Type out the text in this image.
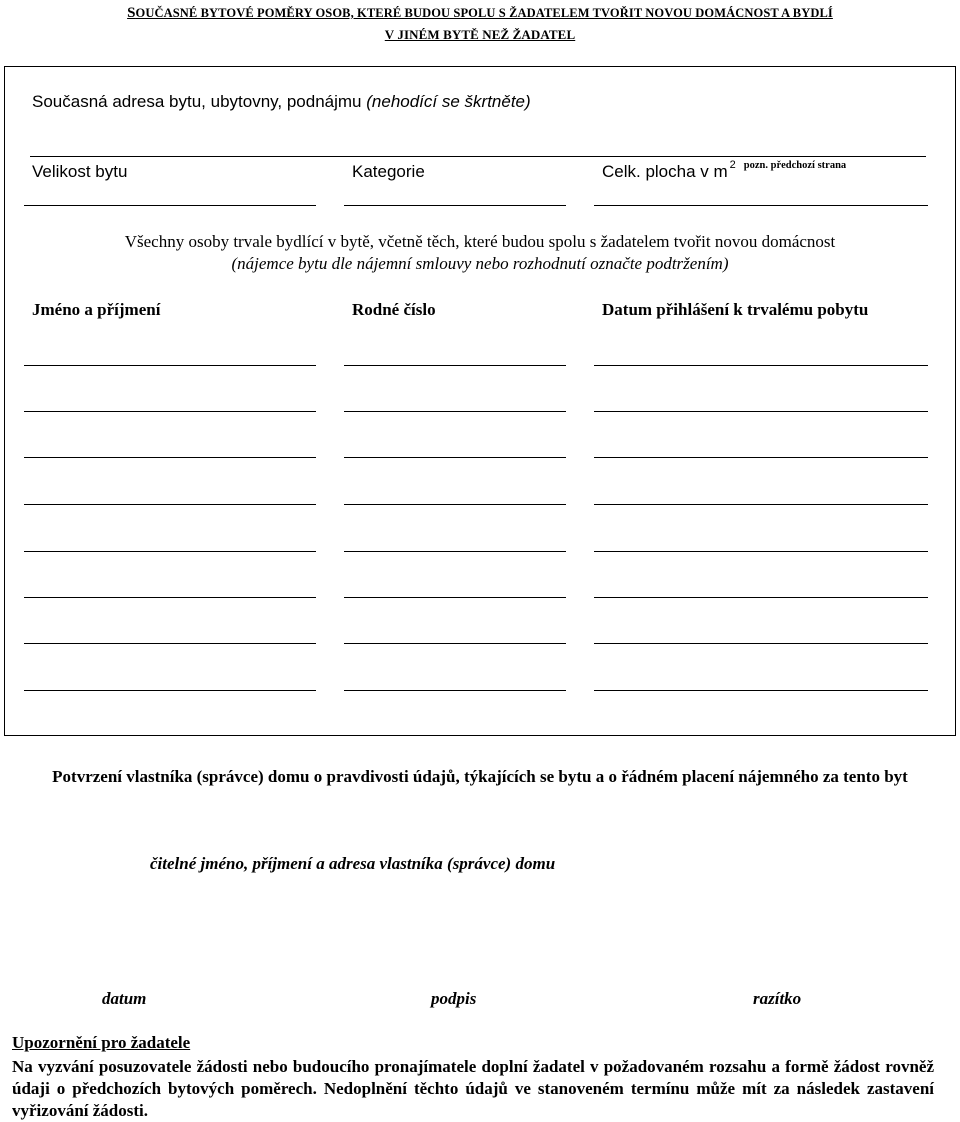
SOUČASNÉ BYTOVÉ POMĚRY OSOB, KTERÉ BUDOU SPOLU S ŽADATELEM TVOŘIT NOVOU DOMÁCNOST A BYDLÍ
V JINÉM BYTĚ NEŽ ŽADATEL
Současná adresa bytu, ubytovny, podnájmu (nehodící se škrtněte)
Velikost bytu	Kategorie	Celk. plocha v m $^2$ $^{pozn. předchozí strana}$
Všechny osoby trvale bydlící v bytě, včetně těch, které budou spolu s žadatelem tvořit novou domácnost
(nájemce bytu dle nájemní smlouvy nebo rozhodnutí označte podtržením)
Jméno a příjmení	Rodné číslo	Datum přihlášení k trvalému pobytu
Potvrzení vlastníka (správce) domu o pravdivosti údajů, týkajících se bytu a o řádném placení nájemného za tento byt
čitelné jméno, příjmení a adresa vlastníka (správce) domu
datum	podpis	razítko
Upozornění pro žadatele
Na vyzvání posuzovatele žádosti nebo budoucího pronajímatele doplní žadatel v požadovaném rozsahu a formě žádost rovněž údaji o předchozích bytových poměrech. Nedoplnění těchto údajů ve stanoveném termínu může mít za následek zastavení vyřizování žádosti.
